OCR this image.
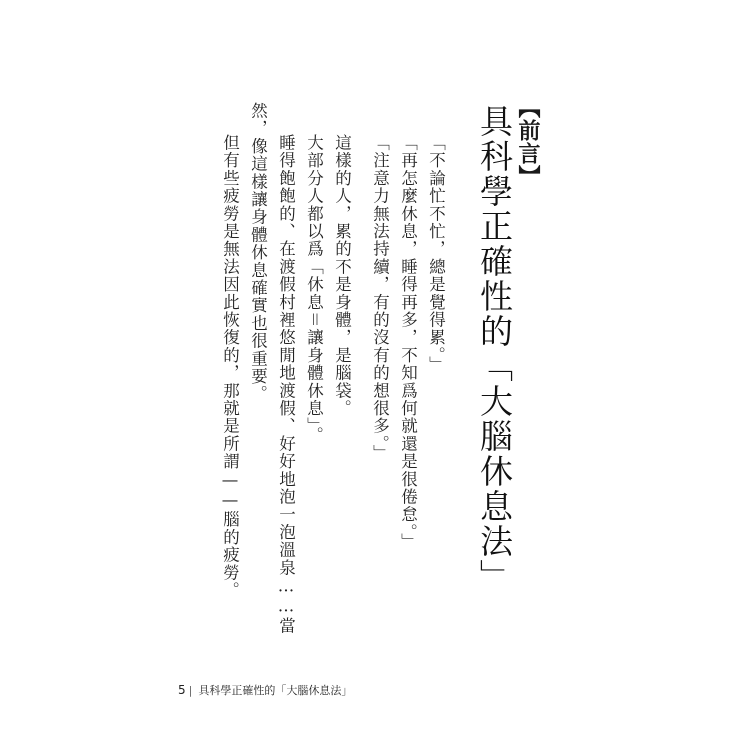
【前言】
具科學正確性的「大腦休息法」
「不論忙不忙，總是覺得累。」
「再怎麼休息，睡得再多，不知爲何就還是很倦怠。」
「注意力無法持續，有的沒有的想很多。」
這樣的人，累的不是身體，是腦袋。
大部分人都以爲「休息＝讓身體休息」。
睡得飽飽的、在渡假村裡悠閒地渡假、好好地泡一泡溫泉……當
然，像這樣讓身體休息確實也很重要。
但有些疲勞是無法因此恢復的，那就是所謂——腦的疲勞。
5 | 具科學正確性的「大腦休息法」
